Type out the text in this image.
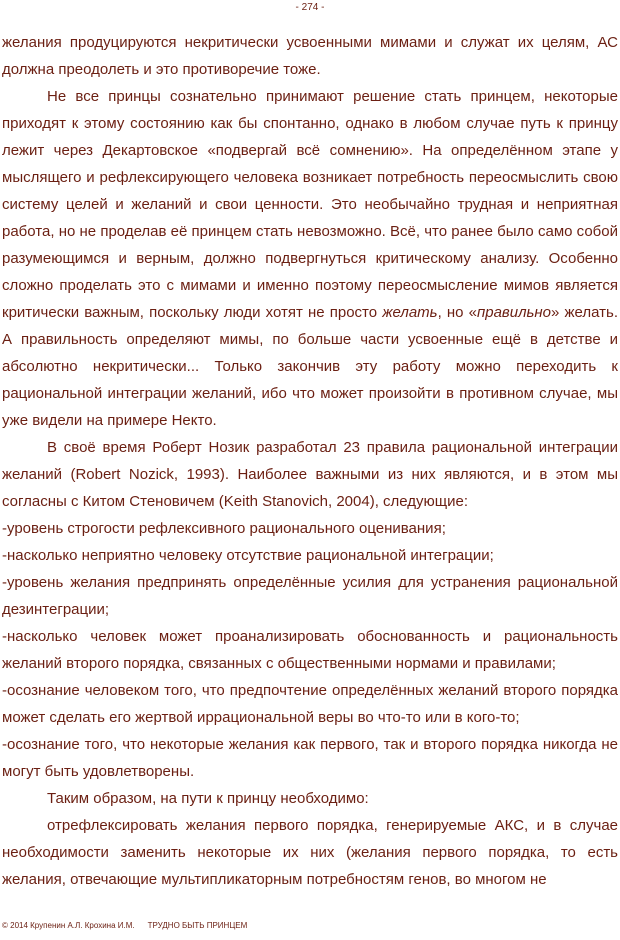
- 274 -

желания продуцируются некритически усвоенными мимами и служат их целям, АС должна преодолеть и это противоречие тоже.

Не все принцы сознательно принимают решение стать принцем, некоторые приходят к этому состоянию как бы спонтанно, однако в любом случае путь к принцу лежит через Декартовское «подвергай всё сомнению». На определённом этапе у мыслящего и рефлексирующего человека возникает потребность переосмыслить свою систему целей и желаний и свои ценности. Это необычайно трудная и неприятная работа, но не проделав её принцем стать невозможно. Всё, что ранее было само собой разумеющимся и верным, должно подвергнуться критическому анализу. Особенно сложно проделать это с мимами и именно поэтому переосмысление мимов является критически важным, поскольку люди хотят не просто желать, но «правильно» желать. А правильность определяют мимы, по больше части усвоенные ещё в детстве и абсолютно некритически... Только закончив эту работу можно переходить к рациональной интеграции желаний, ибо что может произойти в противном случае, мы уже видели на примере Некто.

В своё время Роберт Нозик разработал 23 правила рациональной интеграции желаний (Robert Nozick, 1993). Наиболее важными из них являются, и в этом мы согласны с Китом Стеновичем (Keith Stanovich, 2004), следующие:

-уровень строгости рефлексивного рационального оценивания;

-насколько неприятно человеку отсутствие рациональной интеграции;

-уровень желания предпринять определённые усилия для устранения рациональной дезинтеграции;

-насколько человек может проанализировать обоснованность и рациональность желаний второго порядка, связанных с общественными нормами и правилами;

-осознание человеком того, что предпочтение определённых желаний второго порядка может сделать его жертвой иррациональной веры во что-то или в кого-то;

-осознание того, что некоторые желания как первого, так и второго порядка никогда не могут быть удовлетворены.

Таким образом, на пути к принцу необходимо:

отрефлексировать желания первого порядка, генерируемые АКС, и в случае необходимости заменить некоторые их них (желания первого порядка, то есть желания, отвечающие мультипликаторным потребностям генов, во многом не

© 2014 Крупенин А.Л. Крохина И.М. ТРУДНО БЫТЬ ПРИНЦЕМ
